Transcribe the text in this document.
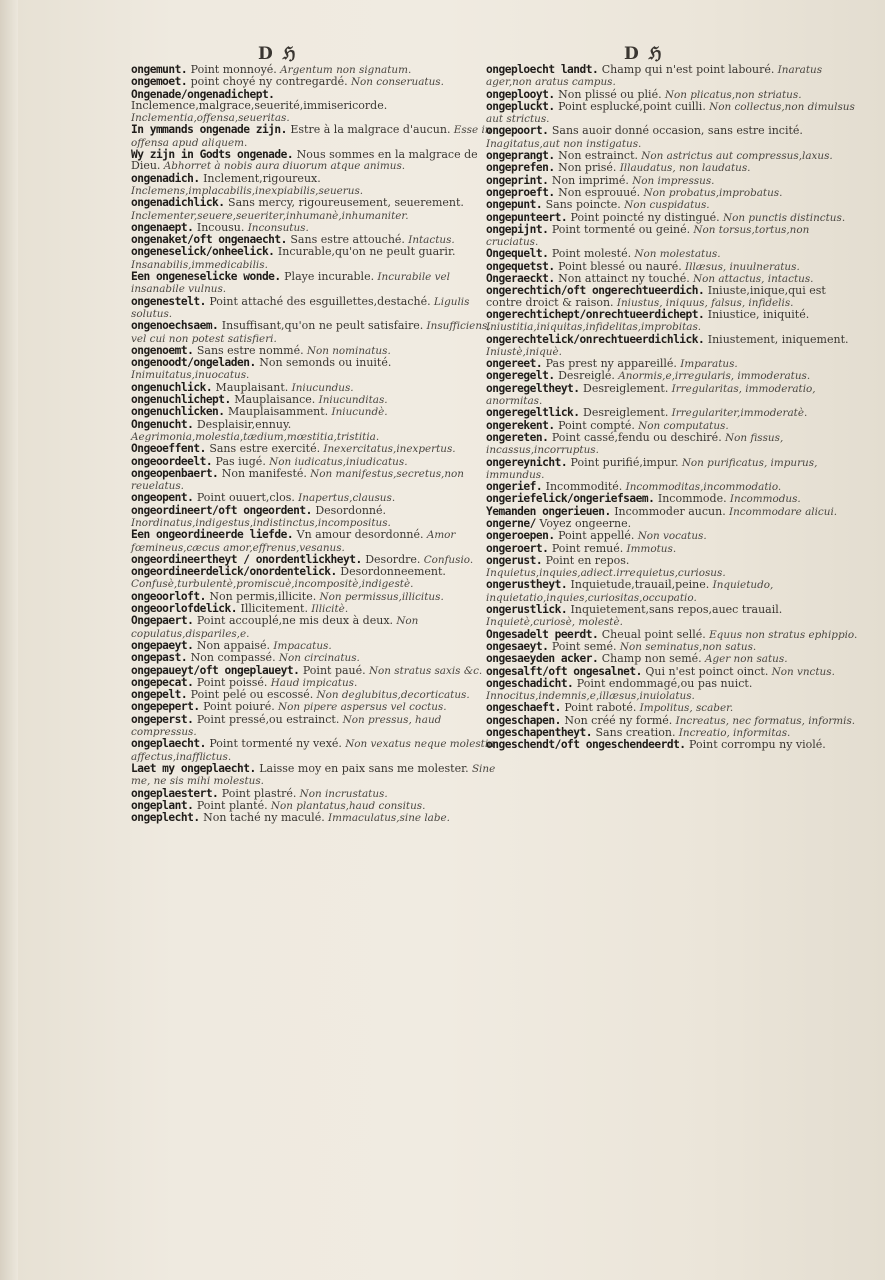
D ℌ	D ℌ

ongemunt. Point monnoyé. Argentum non signatum.

ongemoet. point choyé ny contregardé. Non conseruatus.

Ongenade/ongenadichept. Inclemence,malgrace,seuerité,immisericorde. Inclementia,offensa,seueritas.

In ymmands ongenade zijn. Estre à la malgrace d'aucun. Esse in offensa apud aliquem.

Wy zijn in Godts ongenade. Nous sommes en la malgrace de Dieu. Abhorret à nobis aura diuorum atque animus.

ongenadich. Inclement,rigoureux. Inclemens,implacabilis,inexpiabilis,seuerus.

ongenadichlick. Sans mercy, rigoureusement, seuerement. Inclementer,seuere,seueriter,inhumanè,inhumaniter.

ongenaept. Incousu. Inconsutus.

ongenaket/oft ongenaecht. Sans estre attouché. Intactus.

ongeneselick/onheelick. Incurable,qu'on ne peult guarir. Insanabilis,immedicabilis.

Een ongeneselicke wonde. Playe incurable. Incurabile vel insanabile vulnus.

ongenestelt. Point attaché des esguillettes,destaché. Ligulis solutus.

ongenoechsaem. Insuffisant,qu'on ne peult satisfaire. Insufficiens, vel cui non potest satisfieri.

ongenoemt. Sans estre nommé. Non nominatus.

ongenoodt/ongeladen. Non semonds ou inuité. Inimuitatus,inuocatus.

ongenuchlick. Mauplaisant. Iniucundus.

ongenuchlichept. Mauplaisance. Iniucunditas.

ongenuchlicken. Mauplaisamment. Iniucundè.

Ongenucht. Desplaisir,ennuy. Aegrimonia,molestia,tædium,mœstitia,tristitia.

Ongeoeffent. Sans estre exercité. Inexercitatus,inexpertus.

ongeoordeelt. Pas iugé. Non iudicatus,iniudicatus.

ongeopenbaert. Non manifesté. Non manifestus,secretus,non reuelatus.

ongeopent. Point ouuert,clos. Inapertus,clausus.

ongeordineert/oft ongeordent. Desordonné. Inordinatus,indigestus,indistinctus,incompositus.

Een ongeordineerde liefde. Vn amour desordonné. Amor fœmineus,cæcus amor,effrenus,vesanus.

ongeordineertheyt / onordentlickheyt. Desordre. Confusio.

ongeordineerdelick/onordentelick. Desordonneement. Confusè,turbulentè,promiscuè,incompositè,indigestè.

ongeoorloft. Non permis,illicite. Non permissus,illicitus.

ongeoorlofdelick. Illicitement. Illicitè.

Ongepaert. Point accouplé,ne mis deux à deux. Non copulatus,dispariles,e.

ongepaeyt. Non appaisé. Impacatus.

ongepast. Non compassé. Non circinatus.

ongepaueyt/oft ongeplaueyt. Point paué. Non stratus saxis &c.

ongepecat. Point poissé. Haud impicatus.

ongepelt. Point pelé ou escossé. Non deglubitus,decorticatus.

ongepepert. Point poiuré. Non pipere aspersus vel coctus.

ongeperst. Point pressé,ou estrainct. Non pressus, haud compressus.

ongeplaecht. Point tormenté ny vexé. Non vexatus neque molestia affectus,inafflictus.

Laet my ongeplaecht. Laisse moy en paix sans me molester. Sine me, ne sis mihi molestus.

ongeplaestert. Point plastré. Non incrustatus.

ongeplant. Point planté. Non plantatus,haud consitus.

ongeplecht. Non taché ny maculé. Immaculatus,sine labe.

ongeploecht landt. Champ qui n'est point labouré. Inaratus ager,non aratus campus.

ongeplooyt. Non plissé ou plié. Non plicatus,non striatus.

ongepluckt. Point esplucké,point cuilli. Non collectus,non dimulsus aut strictus.

ongepoort. Sans auoir donné occasion, sans estre incité. Inagitatus,aut non instigatus.

ongeprangt. Non estrainct. Non astrictus aut compressus,laxus.

ongeprefen. Non prisé. Illaudatus, non laudatus.

ongeprint. Non imprimé. Non impressus.

ongeproeft. Non esprouué. Non probatus,improbatus.

ongepunt. Sans poincte. Non cuspidatus.

ongepunteert. Point poincté ny distingué. Non punctis distinctus.

ongepijnt. Point tormenté ou geiné. Non torsus,tortus,non cruciatus.

Ongequelt. Point molesté. Non molestatus.

ongequetst. Point blessé ou nauré. Illæsus, inuulneratus.

Ongeraeckt. Non attainct ny touché. Non attactus, intactus.

ongerechtich/oft ongerechtueerdich. Iniuste,inique,qui est contre droict & raison. Iniustus, iniquus, falsus, infidelis.

ongerechtichept/onrechtueerdichept. Iniustice, iniquité. Iniustitia,iniquitas,infidelitas,improbitas.

ongerechtelick/onrechtueerdichlick. Iniustement, iniquement. Iniustè,iniquè.

ongereet. Pas prest ny appareillé. Imparatus.

ongeregelt. Desreiglé. Anormis,e,irregularis, immoderatus.

ongeregeltheyt. Desreiglement. Irregularitas, immoderatio, anormitas.

ongeregeltlick. Desreiglement. Irregulariter,immoderatè.

ongerekent. Point compté. Non computatus.

ongereten. Point cassé,fendu ou deschiré. Non fissus, incassus,incorruptus.

ongereynicht. Point purifié,impur. Non purificatus, impurus, immundus.

ongerief. Incommodité. Incommoditas,incommodatio.

ongeriefelick/ongeriefsaem. Incommode. Incommodus.

Yemanden ongerieuen. Incommoder aucun. Incommodare alicui.

ongerne/ Voyez ongeerne.

ongeroepen. Point appellé. Non vocatus.

ongeroert. Point remué. Immotus.

ongerust. Point en repos. Inquietus,inquies,adiect.irrequietus,curiosus.

ongerustheyt. Inquietude,trauail,peine. Inquietudo, inquietatio,inquies,curiositas,occupatio.

ongerustlick. Inquietement,sans repos,auec trauail. Inquietè,curiosè, molestè.

Ongesadelt peerdt. Cheual point sellé. Equus non stratus ephippio.

ongesaeyt. Point semé. Non seminatus,non satus.

ongesaeyden acker. Champ non semé. Ager non satus.

ongesalft/oft ongesalnet. Qui n'est poinct oinct. Non vnctus.

ongeschadicht. Point endommagé,ou pas nuict. Innocitus,indemnis,e,illæsus,inuiolatus.

ongeschaeft. Point raboté. Impolitus, scaber.

ongeschapen. Non créé ny formé. Increatus, nec formatus, informis.

ongeschapentheyt. Sans creation. Increatio, informitas.

ongeschendt/oft ongeschendeerdt. Point corrompu ny violé.
